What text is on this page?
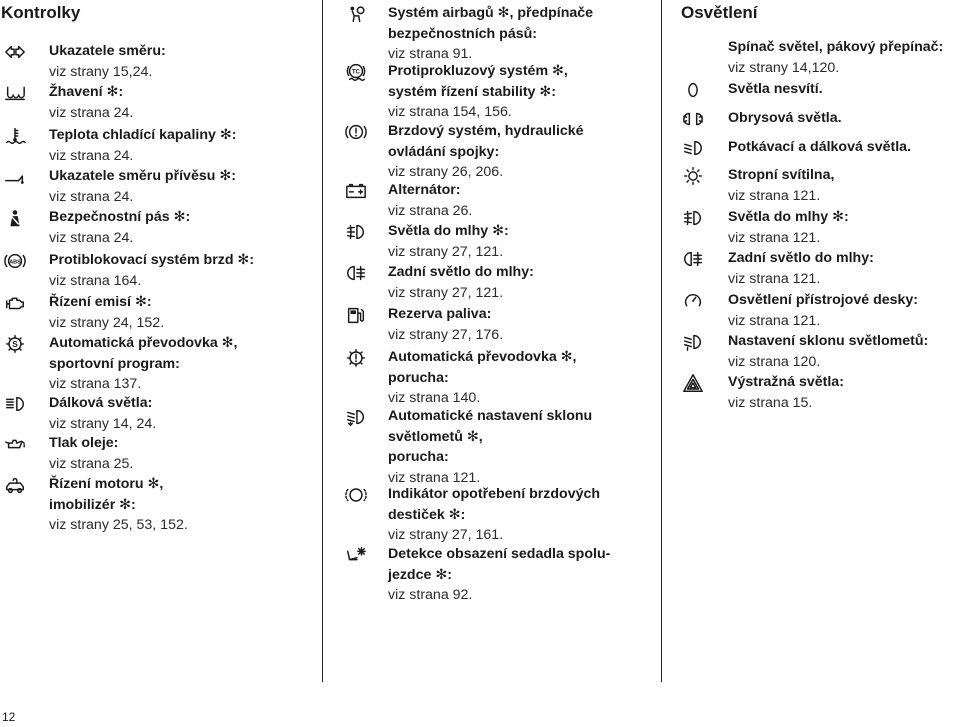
Kontrolky	Osvětlení
Ukazatele směru:
viz strany 15,24.
Žhavení ✻:
viz strana 24.
Teplota chladící kapaliny ✻:
viz strana 24.
Ukazatele směru přívěsu ✻:
viz strana 24.
Bezpečnostní pás ✻:
viz strana 24.
ABS Protiblokovací systém brzd ✻:
viz strana 164.
Řízení emisí ✻:
viz strany 24, 152.
S Automatická převodovka ✻,
sportovní program:
viz strana 137.
Dálková světla:
viz strany 14, 24.
Tlak oleje:
viz strana 25.
Řízení motoru ✻,
imobilizér ✻:
viz strany 25, 53, 152.
Systém airbagů ✻, předpínače
bezpečnostních pásů:
viz strana 91.
TC Protiprokluzový systém ✻,
systém řízení stability ✻:
viz strana 154, 156.
Brzdový systém, hydraulické
ovládání spojky:
viz strany 26, 206.
Alternátor:
viz strana 26.
Světla do mlhy ✻:
viz strany 27, 121.
Zadní světlo do mlhy:
viz strany 27, 121.
Rezerva paliva:
viz strany 27, 176.
Automatická převodovka ✻,
porucha:
viz strana 140.
Automatické nastavení sklonu
světlometů ✻,
porucha:
viz strana 121.
Indikátor opotřebení brzdových
destiček ✻:
viz strany 27, 161.
Detekce obsazení sedadla spolu-
jezdce ✻:
viz strana 92.
Spínač světel, pákový přepínač:
viz strany 14,120.
Světla nesvítí.
Obrysová světla.
Potkávací a dálková světla.
Stropní svítilna,
viz strana 121.
Světla do mlhy ✻:
viz strana 121.
Zadní světlo do mlhy:
viz strana 121.
Osvětlení přístrojové desky:
viz strana 121.
Nastavení sklonu světlometů:
viz strana 120.
Výstražná světla:
viz strana 15.
12
